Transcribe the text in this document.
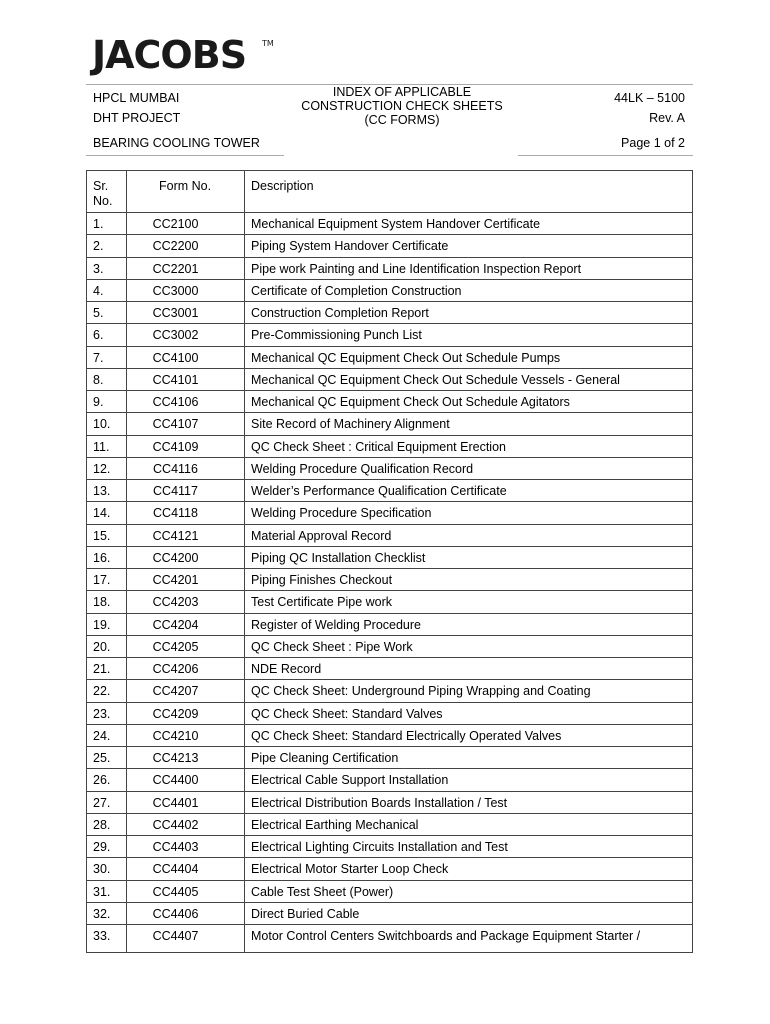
JACOBS TM
HPCL MUMBAI
DHT PROJECT
BEARING COOLING TOWER
INDEX OF APPLICABLE
CONSTRUCTION CHECK SHEETS
(CC FORMS)
44LK – 5100
Rev. A
Page 1 of 2
Sr.
No.	Form No.	Description
1.	CC2100	Mechanical Equipment System Handover Certificate
2.	CC2200	Piping System Handover Certificate
3.	CC2201	Pipe work Painting and Line Identification Inspection Report
4.	CC3000	Certificate of Completion Construction
5.	CC3001	Construction Completion Report
6.	CC3002	Pre-Commissioning Punch List
7.	CC4100	Mechanical QC Equipment Check Out Schedule Pumps
8.	CC4101	Mechanical QC Equipment Check Out Schedule Vessels - General
9.	CC4106	Mechanical QC Equipment Check Out Schedule Agitators
10.	CC4107	Site Record of Machinery Alignment
11.	CC4109	QC Check Sheet : Critical Equipment Erection
12.	CC4116	Welding Procedure Qualification Record
13.	CC4117	Welder’s Performance Qualification Certificate
14.	CC4118	Welding Procedure Specification
15.	CC4121	Material Approval Record
16.	CC4200	Piping QC Installation Checklist
17.	CC4201	Piping Finishes Checkout
18.	CC4203	Test Certificate Pipe work
19.	CC4204	Register of Welding Procedure
20.	CC4205	QC Check Sheet : Pipe Work
21.	CC4206	NDE Record
22.	CC4207	QC Check Sheet: Underground Piping Wrapping and Coating
23.	CC4209	QC Check Sheet: Standard Valves
24.	CC4210	QC Check Sheet: Standard Electrically Operated Valves
25.	CC4213	Pipe Cleaning Certification
26.	CC4400	Electrical Cable Support Installation
27.	CC4401	Electrical Distribution Boards Installation / Test
28.	CC4402	Electrical Earthing Mechanical
29.	CC4403	Electrical Lighting Circuits Installation and Test
30.	CC4404	Electrical Motor Starter Loop Check
31.	CC4405	Cable Test Sheet (Power)
32.	CC4406	Direct Buried Cable
33.	CC4407	Motor Control Centers Switchboards and Package Equipment Starter /
